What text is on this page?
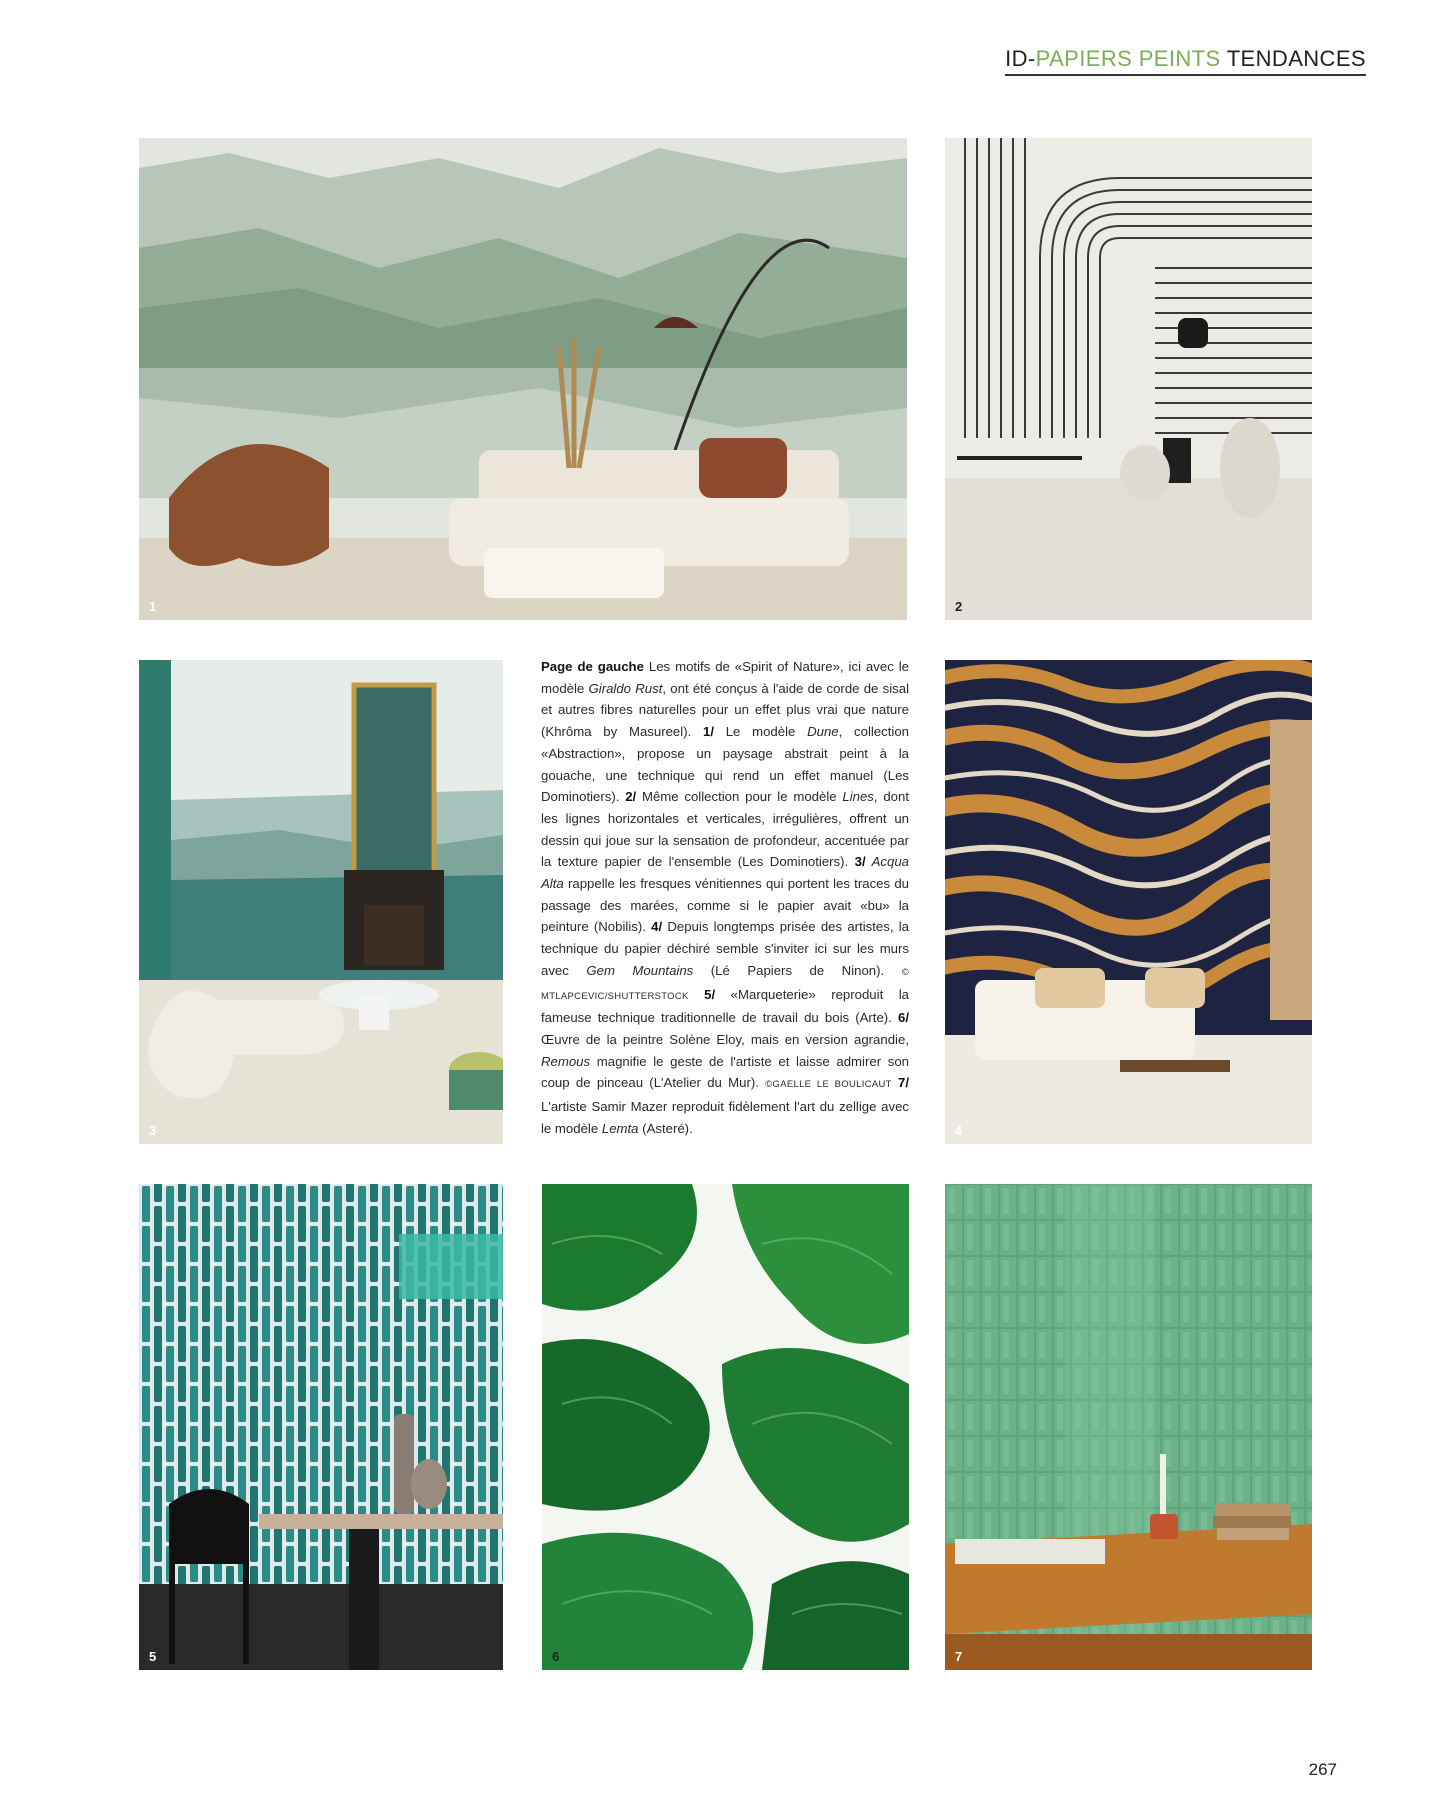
ID-PAPIERS PEINTS TENDANCES
1	2
3
Page de gauche Les motifs de «Spirit of Nature», ici avec le modèle Giraldo Rust, ont été conçus à l'aide de corde de sisal et autres fibres naturelles pour un effet plus vrai que nature (Khrôma by Masureel). 1/ Le modèle Dune, collection «Abstraction», propose un paysage abstrait peint à la gouache, une technique qui rend un effet manuel (Les Dominotiers). 2/ Même collection pour le modèle Lines, dont les lignes horizontales et verticales, irrégulières, offrent un dessin qui joue sur la sensation de profondeur, accentuée par la texture papier de l'ensemble (Les Dominotiers). 3/ Acqua Alta rappelle les fresques vénitiennes qui portent les traces du passage des marées, comme si le papier avait «bu» la peinture (Nobilis). 4/ Depuis longtemps prisée des artistes, la technique du papier déchiré semble s'inviter ici sur les murs avec Gem Mountains (Lé Papiers de Ninon). © MTLAPCEVIC/SHUTTERSTOCK 5/ «Marqueterie» reproduit la fameuse technique traditionnelle de travail du bois (Arte). 6/ Œuvre de la peintre Solène Eloy, mais en version agrandie, Remous magnifie le geste de l'artiste et laisse admirer son coup de pinceau (L'Atelier du Mur). ©GAELLE LE BOULICAUT 7/ L'artiste Samir Mazer reproduit fidèlement l'art du zellige avec le modèle Lemta (Asteré).	4
5	6	7
267
